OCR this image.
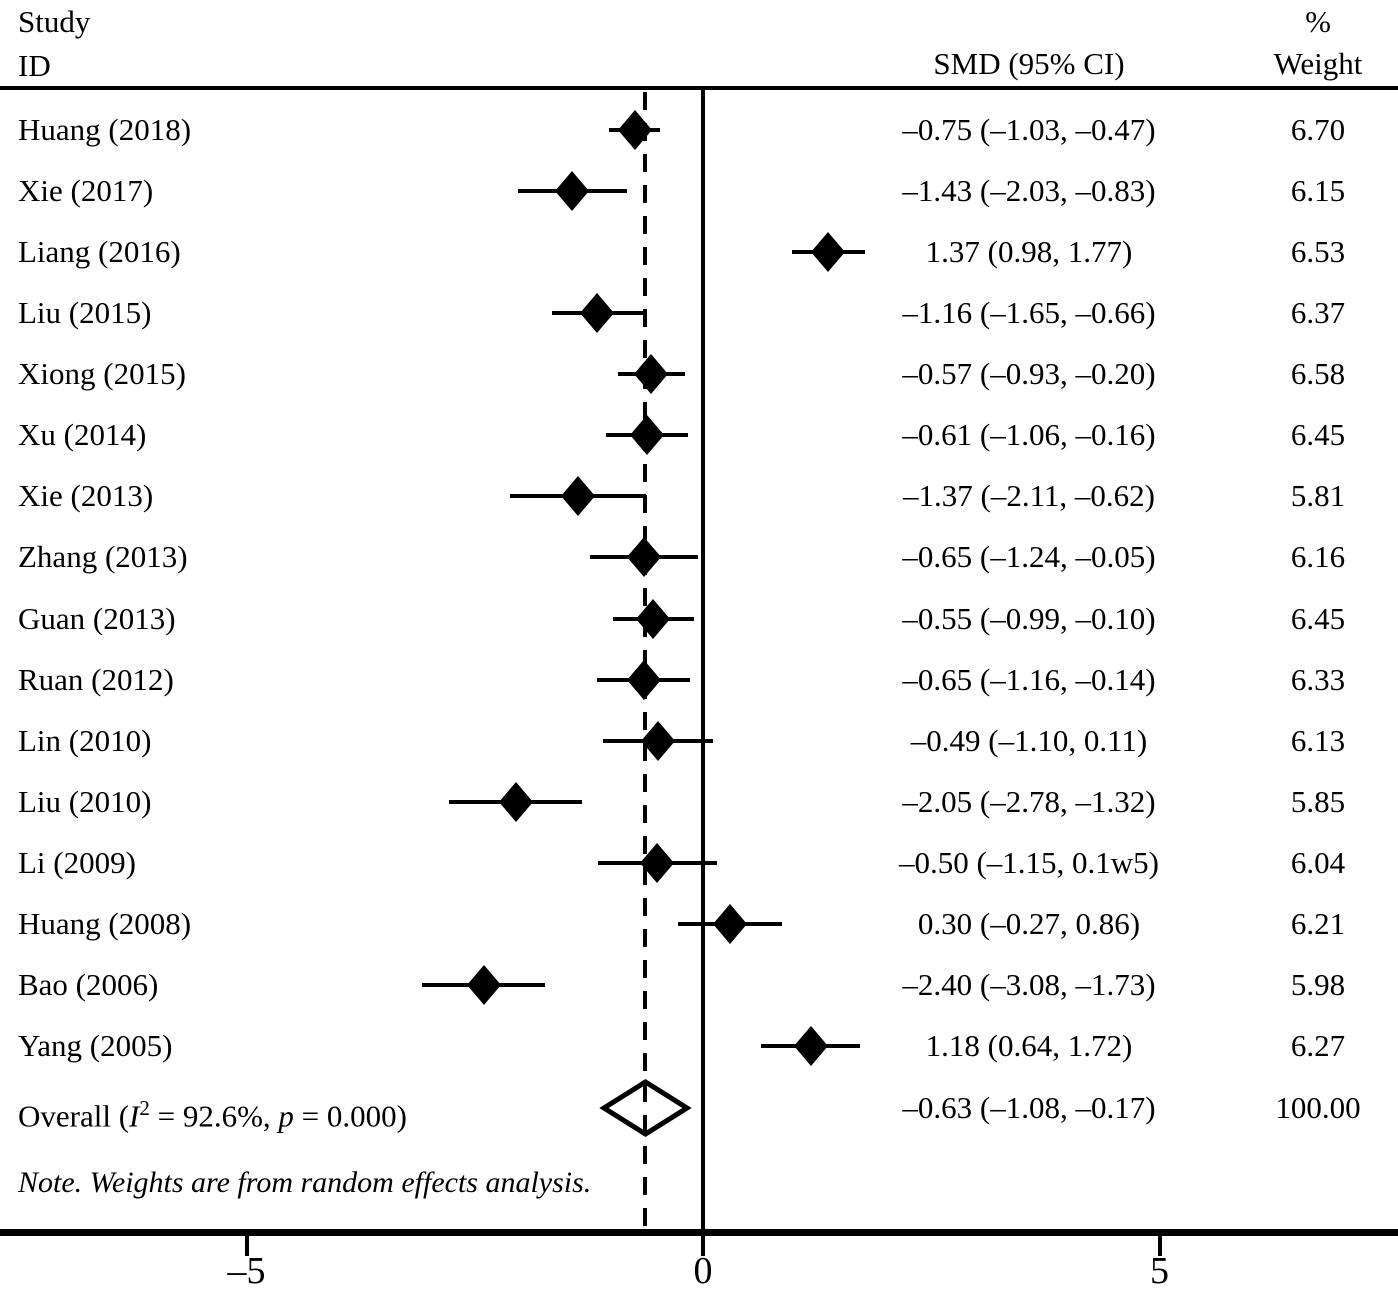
Study
ID	SMD (95% CI)
%
Weight
Huang (2018)	–0.75 (–1.03, –0.47)	6.70
Xie (2017)	–1.43 (–2.03, –0.83)	6.15
Liang (2016)	1.37 (0.98, 1.77)	6.53
Liu (2015)	–1.16 (–1.65, –0.66)	6.37
Xiong (2015)	–0.57 (–0.93, –0.20)	6.58
Xu (2014)	–0.61 (–1.06, –0.16)	6.45
Xie (2013)	–1.37 (–2.11, –0.62)	5.81
Zhang (2013)	–0.65 (–1.24, –0.05)	6.16
Guan (2013)	–0.55 (–0.99, –0.10)	6.45
Ruan (2012)	–0.65 (–1.16, –0.14)	6.33
Lin (2010)	–0.49 (–1.10, 0.11)	6.13
Liu (2010)	–2.05 (–2.78, –1.32)	5.85
Li (2009)	–0.50 (–1.15, 0.1w5)	6.04
Huang (2008)	0.30 (–0.27, 0.86)	6.21
Bao (2006)	–2.40 (–3.08, –1.73)	5.98
Yang (2005)	1.18 (0.64, 1.72)	6.27
–5	0	5
Overall ($I^2 = 92.6\%$, p = 0.000)	–0.63 (–1.08, –0.17)	100.00
Note. Weights are from random effects analysis.
